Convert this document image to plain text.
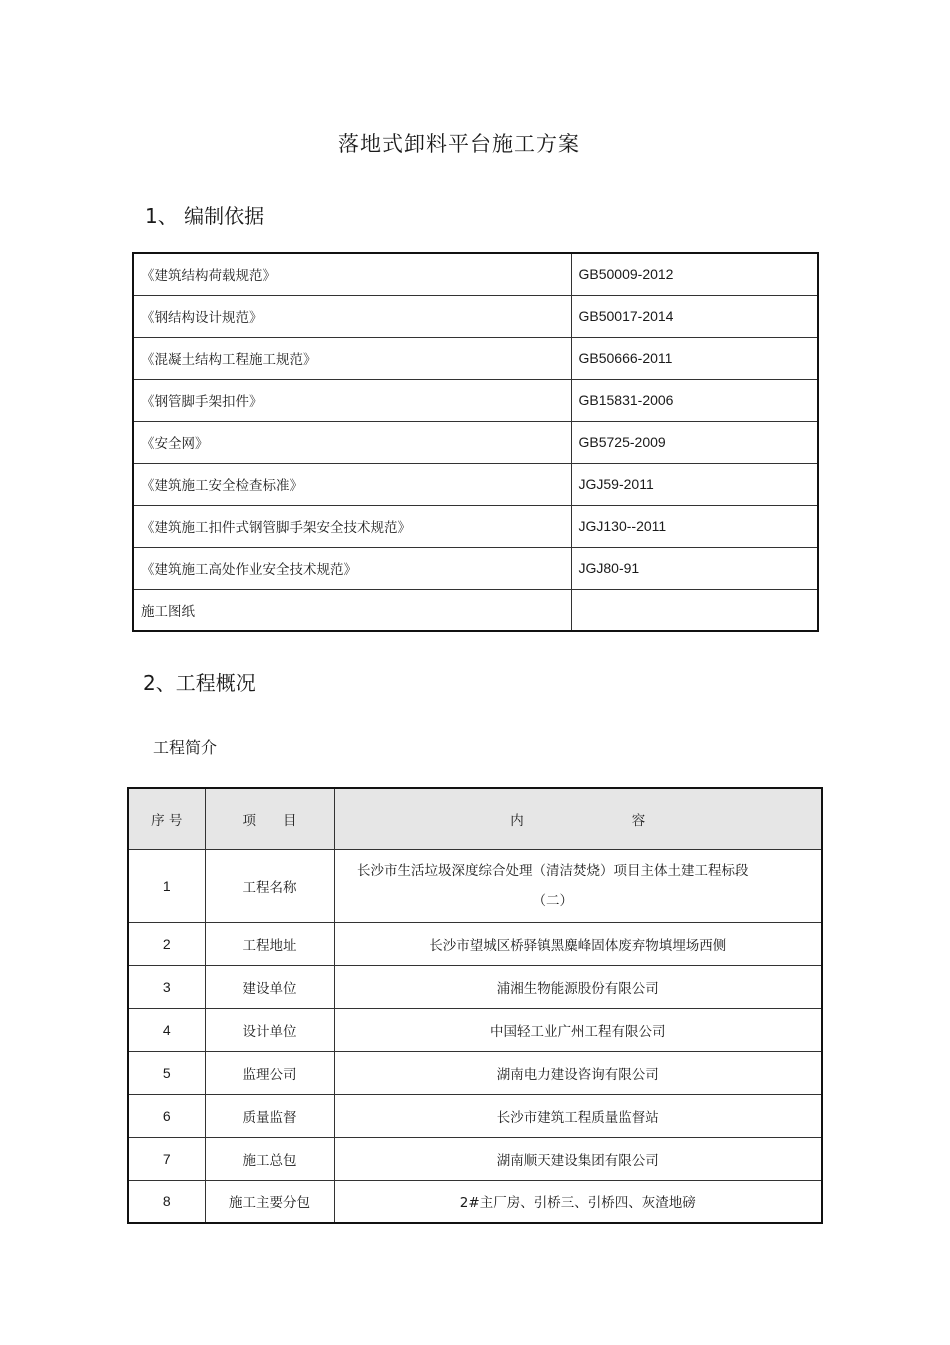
落地式卸料平台施工方案
1、 编制依据
《建筑结构荷载规范》	GB50009-2012
《钢结构设计规范》	GB50017-2014
《混凝土结构工程施工规范》	GB50666-2011
《钢管脚手架扣件》	GB15831-2006
《安全网》	GB5725-2009
《建筑施工安全检查标准》	JGJ59-2011
《建筑施工扣件式钢管脚手架安全技术规范》	JGJ130--2011
《建筑施工高处作业安全技术规范》	JGJ80-91
施工图纸	
2、工程概况
工程简介
序 号	项　　目	内　　　　　　　　容
1	工程名称	长沙市生活垃圾深度综合处理（清洁焚烧）项目主体土建工程标段（二）
2	工程地址	长沙市望城区桥驿镇黑麋峰固体废弃物填埋场西侧
3	建设单位	浦湘生物能源股份有限公司
4	设计单位	中国轻工业广州工程有限公司
5	监理公司	湖南电力建设咨询有限公司
6	质量监督	长沙市建筑工程质量监督站
7	施工总包	湖南顺天建设集团有限公司
8	施工主要分包	2#主厂房、引桥三、引桥四、灰渣地磅
